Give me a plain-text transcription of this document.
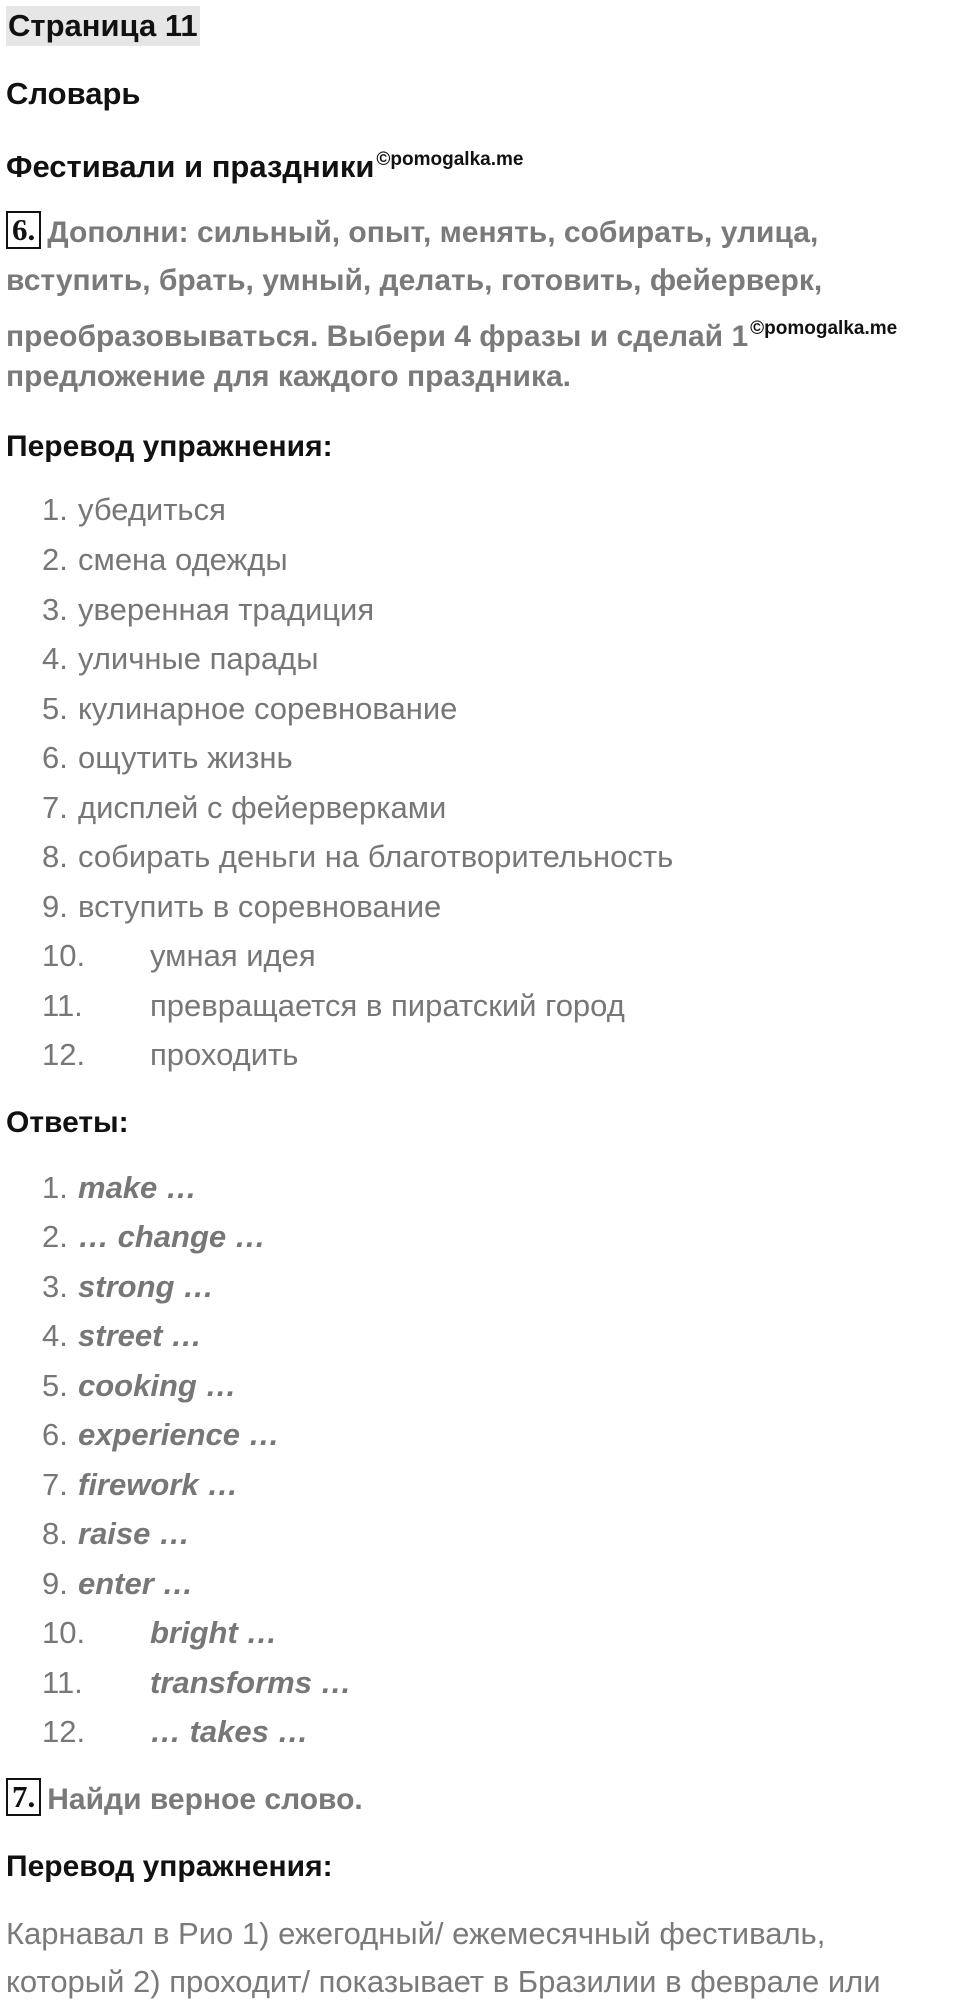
Страница 11
Словарь
Фестивали и праздники $^{©pomogalka.me}$
6. Дополни: сильный, опыт, менять, собирать, улица,
вступить, брать, умный, делать, готовить, фейерверк,
преобразовываться. Выбери 4 фразы и сделай 1 $^{©pomogalka.me}$
предложение для каждого праздника.
Перевод упражнения:
1. убедиться
2. смена одежды
3. уверенная традиция
4. уличные парады
5. кулинарное соревнование
6. ощутить жизнь
7. дисплей с фейерверками
8. собирать деньги на благотворительность
9. вступить в соревнование
10. умная идея
11. превращается в пиратский город
12. проходить
Ответы:
1. make …
2. … change …
3. strong …
4. street …
5. cooking …
6. experience …
7. firework …
8. raise …
9. enter …
10. bright …
11. transforms …
12. … takes …
7. Найди верное слово.
Перевод упражнения:
Карнавал в Рио 1) ежегодный/ ежемесячный фестиваль,
который 2) проходит/ показывает в Бразилии в феврале или
